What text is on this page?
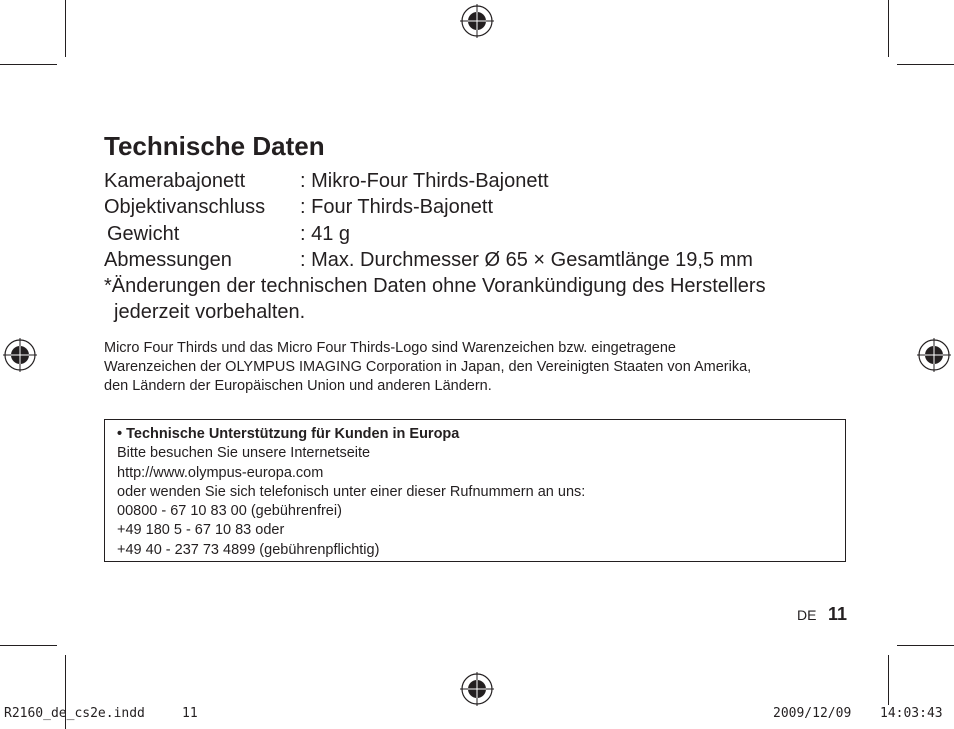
Technische Daten
Kamerabajonett	: Mikro-Four Thirds-Bajonett
Objektivanschluss : Four Thirds-Bajonett
Gewicht	: 41 g
Abmessungen	: Max. Durchmesser Ø 65 × Gesamtlänge 19,5 mm
*Änderungen der technischen Daten ohne Vorankündigung des Herstellers
jederzeit vorbehalten.
Micro Four Thirds und das Micro Four Thirds-Logo sind Warenzeichen bzw. eingetragene
Warenzeichen der OLYMPUS IMAGING Corporation in Japan, den Vereinigten Staaten von Amerika,
den Ländern der Europäischen Union und anderen Ländern.
• Technische Unterstützung für Kunden in Europa
Bitte besuchen Sie unsere Internetseite
http://www.olympus-europa.com
oder wenden Sie sich telefonisch unter einer dieser Rufnummern an uns:
00800 - 67 10 83 00 (gebührenfrei)
+49 180 5 - 67 10 83 oder
+49 40 - 237 73 4899 (gebührenpflichtig)
DE 11
R2160_de_cs2e.indd	11	2009/12/09 14:03:43
